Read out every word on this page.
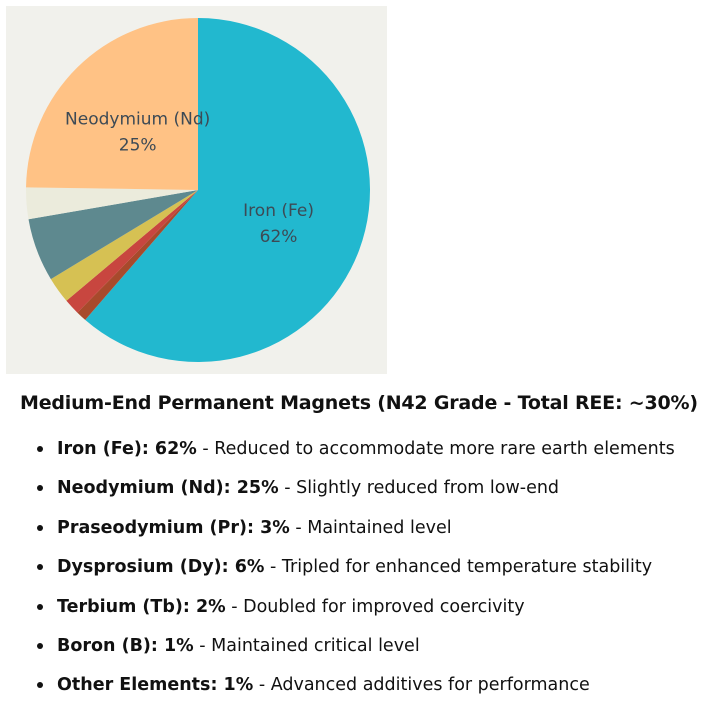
Iron (Fe)
62%
Neodymium (Nd)
25%
Medium-End Permanent Magnets (N42 Grade - Total REE: ~30%)
Iron (Fe): 62% - Reduced to accommodate more rare earth elements
Neodymium (Nd): 25% - Slightly reduced from low-end
Praseodymium (Pr): 3% - Maintained level
Dysprosium (Dy): 6% - Tripled for enhanced temperature stability
Terbium (Tb): 2% - Doubled for improved coercivity
Boron (B): 1% - Maintained critical level
Other Elements: 1% - Advanced additives for performance
